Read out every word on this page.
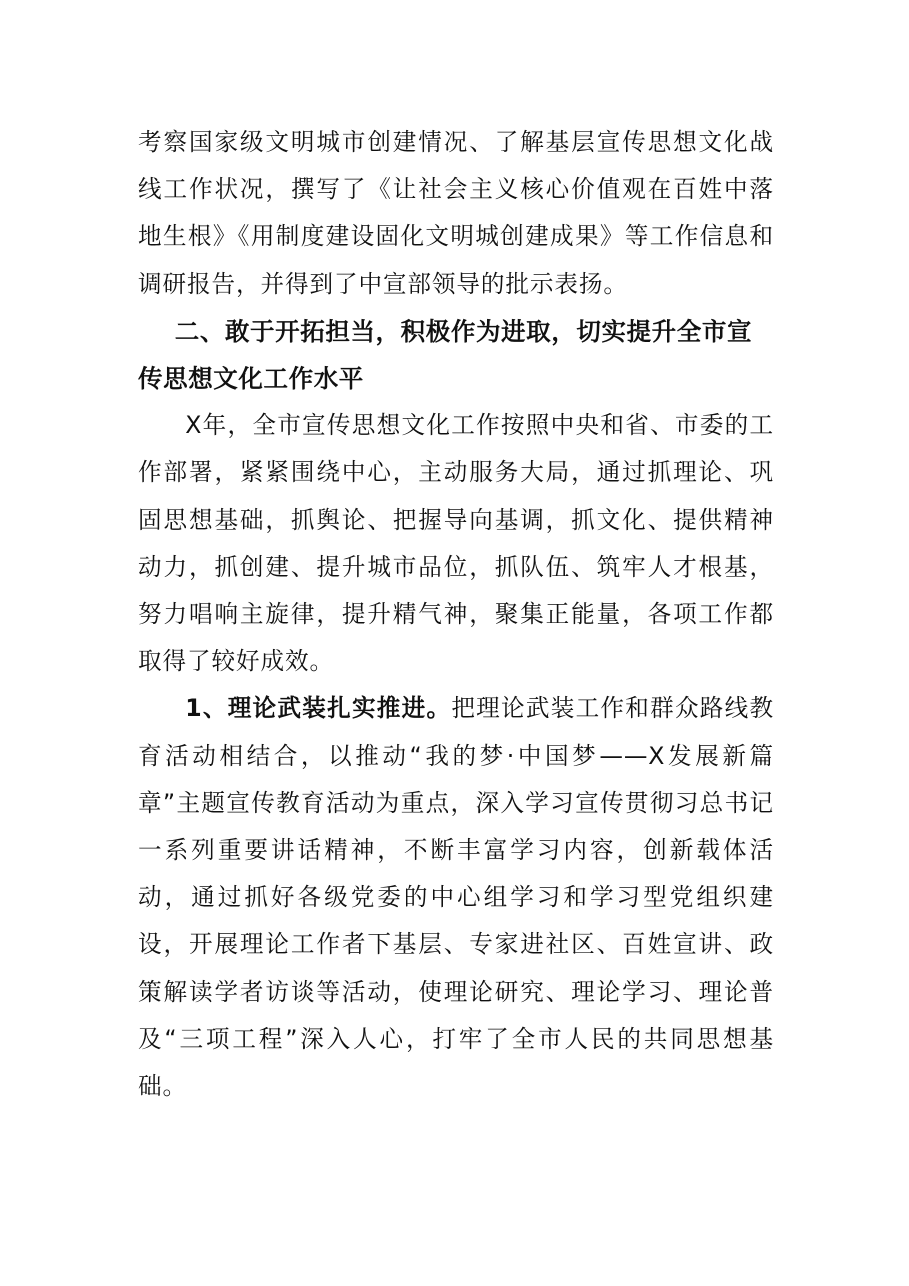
考察国家级文明城市创建情况、了解基层宣传思想文化战线工作状况，撰写了《让社会主义核心价值观在百姓中落地生根》《用制度建设固化文明城创建成果》等工作信息和调研报告，并得到了中宣部领导的批示表扬。

二、敢于开拓担当，积极作为进取，切实提升全市宣传思想文化工作水平

X年，全市宣传思想文化工作按照中央和省、市委的工作部署，紧紧围绕中心，主动服务大局，通过抓理论、巩固思想基础，抓舆论、把握导向基调，抓文化、提供精神动力，抓创建、提升城市品位，抓队伍、筑牢人才根基，努力唱响主旋律，提升精气神，聚集正能量，各项工作都取得了较好成效。

1、理论武装扎实推进。把理论武装工作和群众路线教育活动相结合，以推动“我的梦·中国梦——X发展新篇章”主题宣传教育活动为重点，深入学习宣传贯彻习总书记一系列重要讲话精神，不断丰富学习内容，创新载体活动，通过抓好各级党委的中心组学习和学习型党组织建设，开展理论工作者下基层、专家进社区、百姓宣讲、政策解读学者访谈等活动，使理论研究、理论学习、理论普及“三项工程”深入人心，打牢了全市人民的共同思想基础。
